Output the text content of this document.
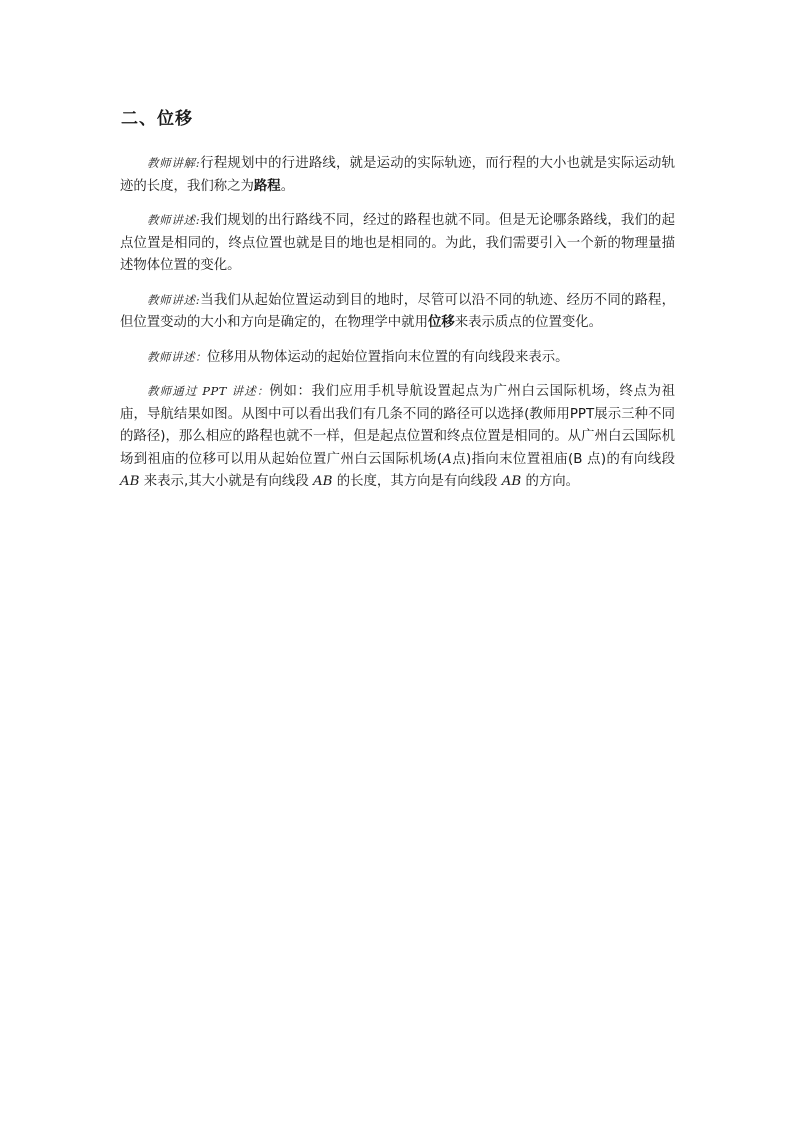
二、位移

教师讲解:行程规划中的行进路线，就是运动的实际轨迹，而行程的大小也就是实际运动轨迹的长度，我们称之为路程。

教师讲述:我们规划的出行路线不同，经过的路程也就不同。但是无论哪条路线，我们的起点位置是相同的，终点位置也就是目的地也是相同的。为此，我们需要引入一个新的物理量描述物体位置的变化。

教师讲述:当我们从起始位置运动到目的地时，尽管可以沿不同的轨迹、经历不同的路程，但位置变动的大小和方向是确定的，在物理学中就用位移来表示质点的位置变化。

教师讲述：位移用从物体运动的起始位置指向末位置的有向线段来表示。

教师通过 PPT 讲述：例如：我们应用手机导航设置起点为广州白云国际机场，终点为祖庙，导航结果如图。从图中可以看出我们有几条不同的路径可以选择(教师用PPT展示三种不同的路径)，那么相应的路程也就不一样，但是起点位置和终点位置是相同的。从广州白云国际机场到祖庙的位移可以用从起始位置广州白云国际机场(A点)指向末位置祖庙(B 点)的有向线段 AB 来表示,其大小就是有向线段 AB 的长度，其方向是有向线段 AB 的方向。
